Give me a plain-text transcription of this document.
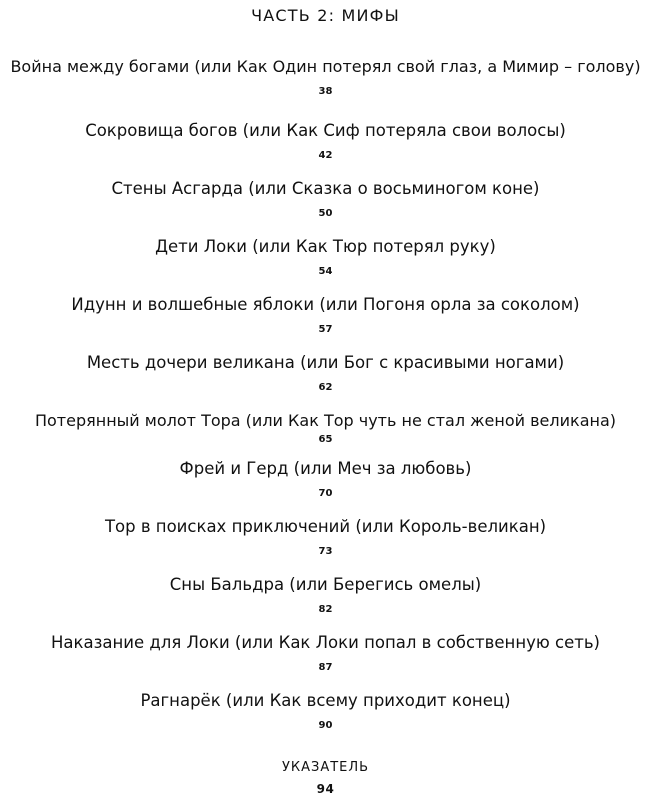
ЧАСТЬ 2: МИФЫ
Война между богами (или Как Один потерял свой глаз, а Мимир – голову)
38
Сокровища богов (или Как Сиф потеряла свои волосы)
42
Стены Асгарда (или Сказка о восьминогом коне)
50
Дети Локи (или Как Тюр потерял руку)
54
Идунн и волшебные яблоки (или Погоня орла за соколом)
57
Месть дочери великана (или Бог с красивыми ногами)
62
Потерянный молот Тора (или Как Тор чуть не стал женой великана)
65
Фрей и Герд (или Меч за любовь)
70
Тор в поисках приключений (или Король-великан)
73
Сны Бальдра (или Берегись омелы)
82
Наказание для Локи (или Как Локи попал в собственную сеть)
87
Рагнарёк (или Как всему приходит конец)
90
УКАЗАТЕЛЬ
94
